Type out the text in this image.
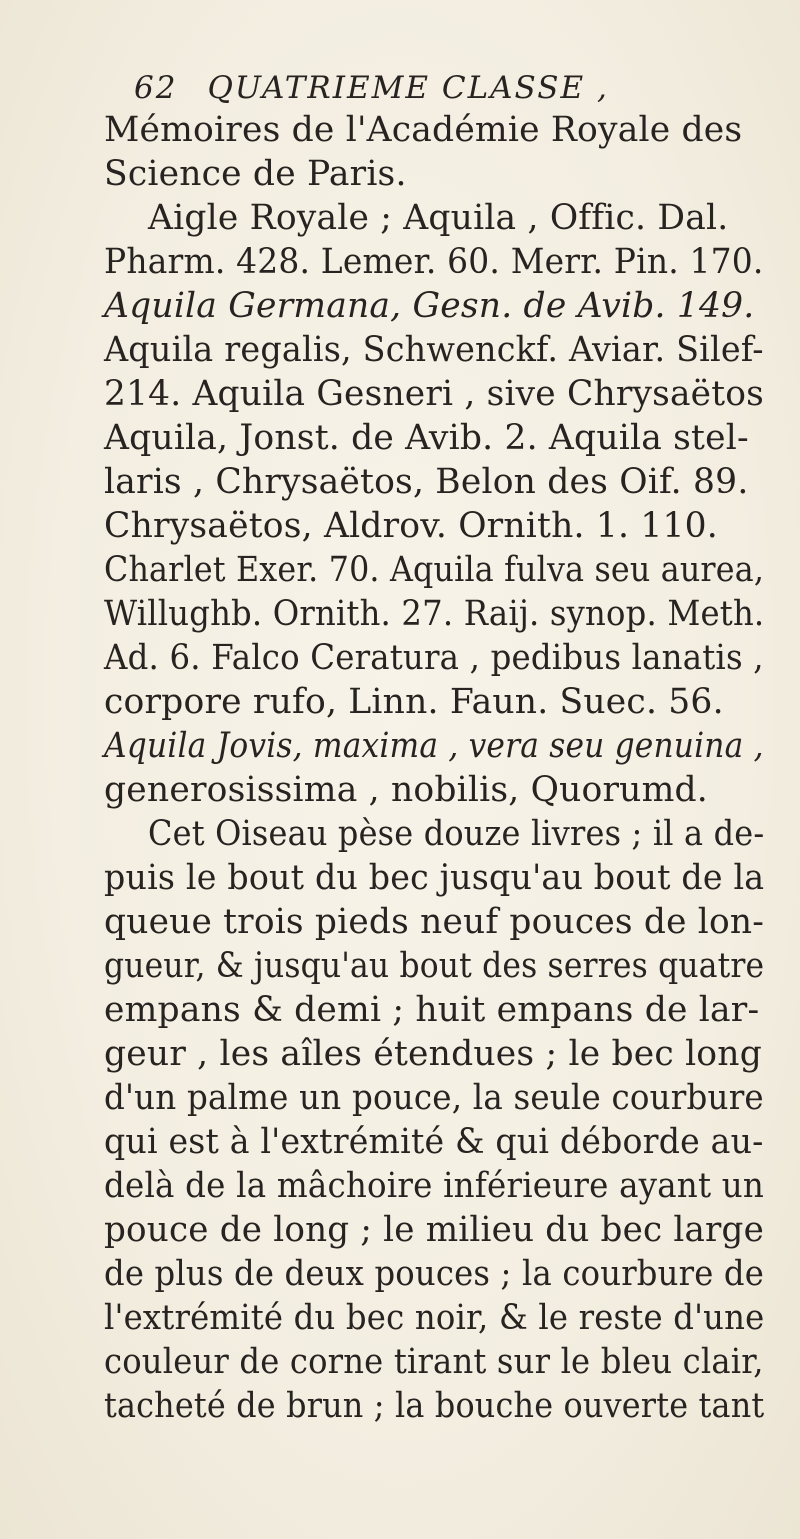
62 QUATRIEME CLASSE ,
Mémoires de l'Académie Royale des
Science de Paris.
Aigle Royale ; Aquila , Offic. Dal.
Pharm. 428. Lemer. 60. Merr. Pin. 170.
Aquila Germana, Gesn. de Avib. 149.
Aquila regalis, Schwenckf. Aviar. Silef-
214. Aquila Gesneri , sive Chrysaëtos
Aquila, Jonst. de Avib. 2. Aquila stel-
laris , Chrysaëtos, Belon des Oif. 89.
Chrysaëtos, Aldrov. Ornith. 1. 110.
Charlet Exer. 70. Aquila fulva seu aurea,
Willughb. Ornith. 27. Raij. synop. Meth.
Ad. 6. Falco Ceratura , pedibus lanatis ,
corpore rufo, Linn. Faun. Suec. 56.
Aquila Jovis, maxima , vera seu genuina ,
generosissima , nobilis, Quorumd.
Cet Oiseau pèse douze livres ; il a de-
puis le bout du bec jusqu'au bout de la
queue trois pieds neuf pouces de lon-
gueur, & jusqu'au bout des serres quatre
empans & demi ; huit empans de lar-
geur , les aîles étendues ; le bec long
d'un palme un pouce, la seule courbure
qui est à l'extrémité & qui déborde au-
delà de la mâchoire inférieure ayant un
pouce de long ; le milieu du bec large
de plus de deux pouces ; la courbure de
l'extrémité du bec noir, & le reste d'une
couleur de corne tirant sur le bleu clair,
tacheté de brun ; la bouche ouverte tant
